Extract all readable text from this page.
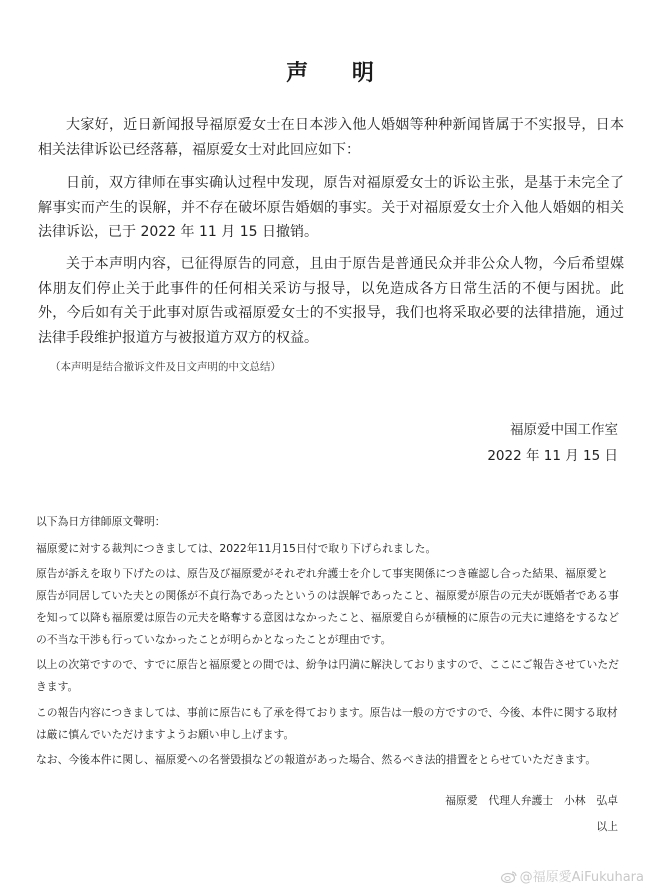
声 明

大家好，近日新闻报导福原爱女士在日本涉入他人婚姻等种种新闻皆属于不实报导，日本相关法律诉讼已经落幕，福原爱女士对此回应如下：

日前，双方律师在事实确认过程中发现，原告对福原爱女士的诉讼主张，是基于未完全了解事实而产生的误解，并不存在破坏原告婚姻的事实。关于对福原爱女士介入他人婚姻的相关法律诉讼，已于 2022 年 11 月 15 日撤销。

关于本声明内容，已征得原告的同意，且由于原告是普通民众并非公众人物，今后希望媒体朋友们停止关于此事件的任何相关采访与报导，以免造成各方日常生活的不便与困扰。此外，今后如有关于此事对原告或福原爱女士的不实报导，我们也将采取必要的法律措施，通过法律手段维护报道方与被报道方双方的权益。

（本声明是结合撤诉文件及日文声明的中文总结）

福原爱中国工作室

2022 年 11 月 15 日

以下為日方律師原文聲明：

福原愛に対する裁判につきましては、2022年11月15日付で取り下げられました。

原告が訴えを取り下げたのは、原告及び福原愛がそれぞれ弁護士を介して事実関係につき確認し合った結果、福原愛と

原告が同居していた夫との関係が不貞行為であったというのは誤解であったこと、福原愛が原告の元夫が既婚者である事

を知って以降も福原愛は原告の元夫を略奪する意図はなかったこと、福原愛自らが積極的に原告の元夫に連絡をするなど

の不当な干渉も行っていなかったことが明らかとなったことが理由です。

以上の次第ですので、すでに原告と福原愛との間では、紛争は円満に解決しておりますので、ここにご報告させていただ

きます。

この報告内容につきましては、事前に原告にも了承を得ております。原告は一般の方ですので、今後、本件に関する取材

は厳に慎んでいただけますようお願い申し上げます。

なお、今後本件に関し、福原愛への名誉毀損などの報道があった場合、然るべき法的措置をとらせていただきます。

福原愛　代理人弁護士　小林　弘卓

以上

@福原愛AiFukuhara
